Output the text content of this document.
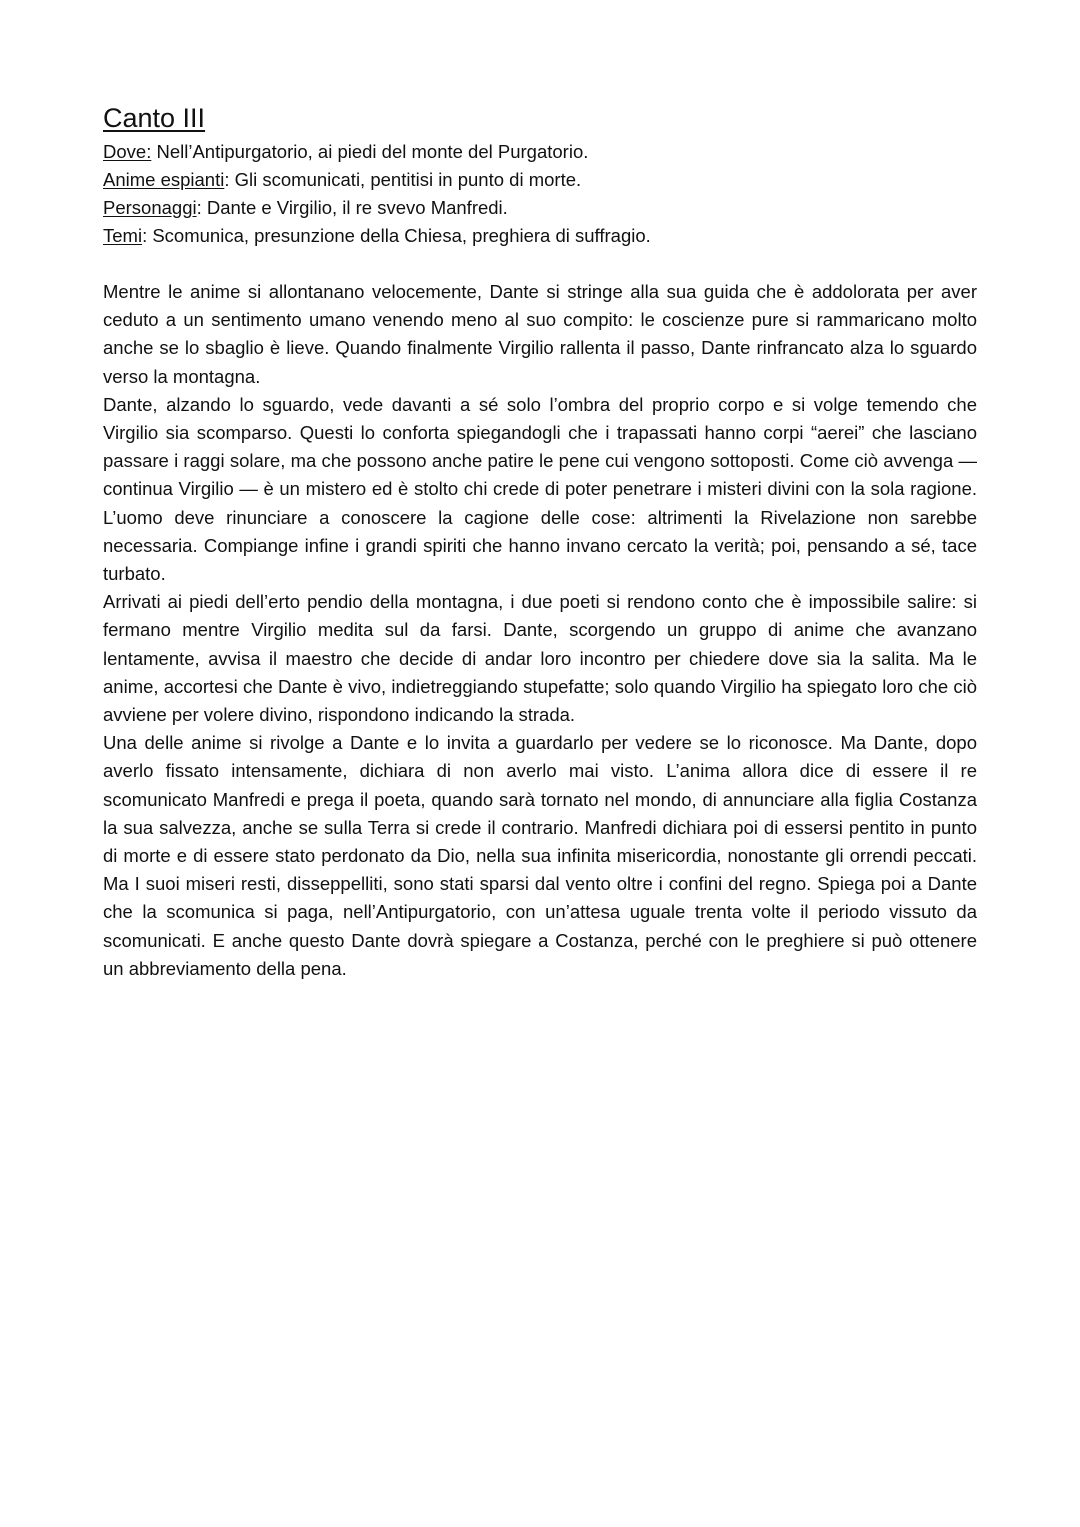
Canto III

Dove: Nell’Antipurgatorio, ai piedi del monte del Purgatorio.

Anime espianti: Gli scomunicati, pentitisi in punto di morte.

Personaggi: Dante e Virgilio, il re svevo Manfredi.

Temi: Scomunica, presunzione della Chiesa, preghiera di suffragio.

Mentre le anime si allontanano velocemente, Dante si stringe alla sua guida che è addolorata per aver ceduto a un sentimento umano venendo meno al suo compito: le coscienze pure si rammaricano molto anche se lo sbaglio è lieve. Quando finalmente Virgilio rallenta il passo, Dante rinfrancato alza lo sguardo verso la montagna.

Dante, alzando lo sguardo, vede davanti a sé solo l’ombra del proprio corpo e si volge temendo che Virgilio sia scomparso. Questi lo conforta spiegandogli che i trapassati hanno corpi “aerei” che lasciano passare i raggi solare, ma che possono anche patire le pene cui vengono sottoposti. Come ciò avvenga — continua Virgilio — è un mistero ed è stolto chi crede di poter penetrare i misteri divini con la sola ragione. L’uomo deve rinunciare a conoscere la cagione delle cose: altrimenti la Rivelazione non sarebbe necessaria. Compiange infine i grandi spiriti che hanno invano cercato la verità; poi, pensando a sé, tace turbato.

Arrivati ai piedi dell’erto pendio della montagna, i due poeti si rendono conto che è impossibile salire: si fermano mentre Virgilio medita sul da farsi. Dante, scorgendo un gruppo di anime che avanzano lentamente, avvisa il maestro che decide di andar loro incontro per chiedere dove sia la salita. Ma le anime, accortesi che Dante è vivo, indietreggiando stupefatte; solo quando Virgilio ha spiegato loro che ciò avviene per volere divino, rispondono indicando la strada.

Una delle anime si rivolge a Dante e lo invita a guardarlo per vedere se lo riconosce. Ma Dante, dopo averlo fissato intensamente, dichiara di non averlo mai visto. L’anima allora dice di essere il re scomunicato Manfredi e prega il poeta, quando sarà tornato nel mondo, di annunciare alla figlia Costanza la sua salvezza, anche se sulla Terra si crede il contrario. Manfredi dichiara poi di essersi pentito in punto di morte e di essere stato perdonato da Dio, nella sua infinita misericordia, nonostante gli orrendi peccati. Ma I suoi miseri resti, disseppelliti, sono stati sparsi dal vento oltre i confini del regno. Spiega poi a Dante che la scomunica si paga, nell’Antipurgatorio, con un’attesa uguale trenta volte il periodo vissuto da scomunicati. E anche questo Dante dovrà spiegare a Costanza, perché con le preghiere si può ottenere un abbreviamento della pena.
